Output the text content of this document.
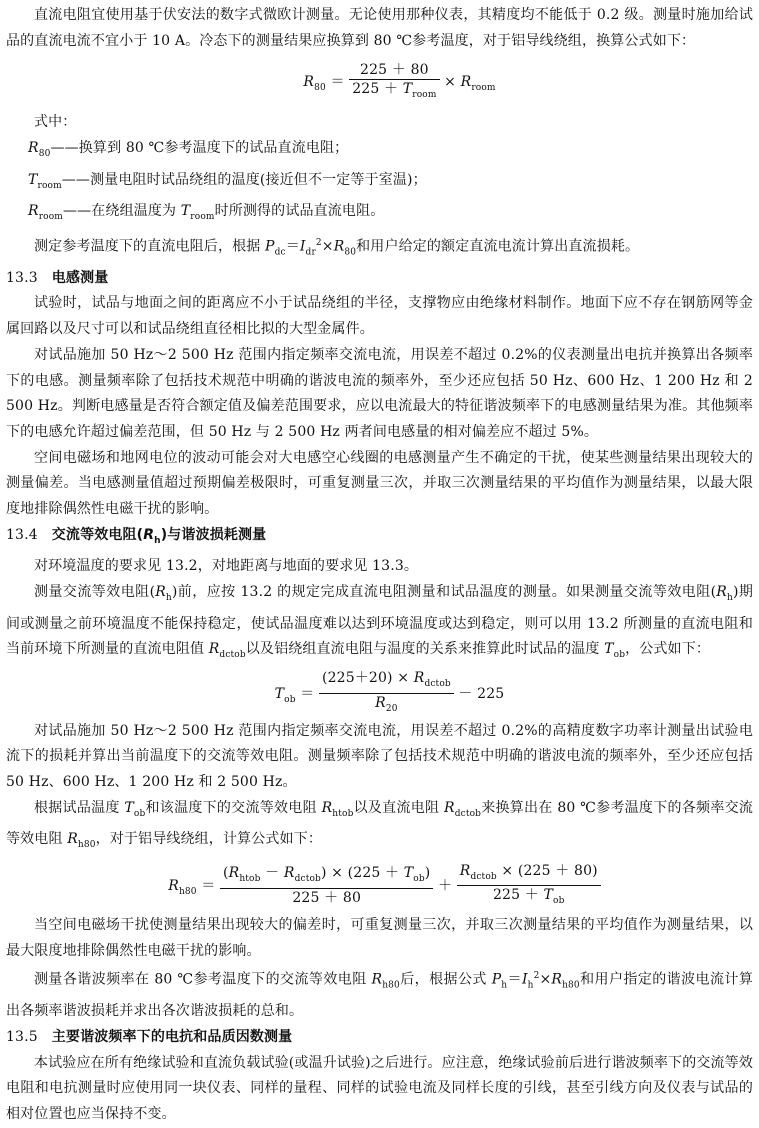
直流电阻宜使用基于伏安法的数字式微欧计测量。无论使用那种仪表，其精度均不能低于 0.2 级。测量时施加给试品的直流电流不宜小于 10 A。冷态下的测量结果应换算到 80 ℃参考温度，对于铝导线绕组，换算公式如下：

$R_{80} = \frac{225 + 80}{225 + T_{room}} \times R_{room}$

式中：

$R_{80}——$换算到 80 ℃参考温度下的试品直流电阻；

$T_{room}——$测量电阻时试品绕组的温度(接近但不一定等于室温)；

$R_{room}——$在绕组温度为 $T_{room}$时所测得的试品直流电阻。

测定参考温度下的直流电阻后，根据 $P_{dc}=I_{dr}^2\times R_{80}$和用户给定的额定直流电流计算出直流损耗。

13.3 电感测量

试验时，试品与地面之间的距离应不小于试品绕组的半径，支撑物应由绝缘材料制作。地面下应不存在钢筋网等金属回路以及尺寸可以和试品绕组直径相比拟的大型金属件。

对试品施加 50 Hz～2 500 Hz 范围内指定频率交流电流，用误差不超过 0.2%的仪表测量出电抗并换算出各频率下的电感。测量频率除了包括技术规范中明确的谐波电流的频率外，至少还应包括 50 Hz、600 Hz、1 200 Hz 和 2 500 Hz。判断电感量是否符合额定值及偏差范围要求，应以电流最大的特征谐波频率下的电感测量结果为准。其他频率下的电感允许超过偏差范围，但 50 Hz 与 2 500 Hz 两者间电感量的相对偏差应不超过 5%。

空间电磁场和地网电位的波动可能会对大电感空心线圈的电感测量产生不确定的干扰，使某些测量结果出现较大的测量偏差。当电感测量值超过预期偏差极限时，可重复测量三次，并取三次测量结果的平均值作为测量结果，以最大限度地排除偶然性电磁干扰的影响。

13.4 交流等效电阻$(R_h)$与谐波损耗测量

对环境温度的要求见 13.2，对地距离与地面的要求见 13.3。

测量交流等效电阻$(R_h)$前，应按 13.2 的规定完成直流电阻测量和试品温度的测量。如果测量交流等效电阻$(R_h)$期间或测量之前环境温度不能保持稳定，使试品温度难以达到环境温度或达到稳定，则可以用 13.2 所测量的直流电阻和当前环境下所测量的直流电阻值 $R_{dctob}$以及铝绕组直流电阻与温度的关系来推算此时试品的温度 $T_{ob}$，公式如下：

$T_{ob} = \frac{(225+20) \times R_{dctob}}{R_{20}} - 225$

对试品施加 50 Hz～2 500 Hz 范围内指定频率交流电流，用误差不超过 0.2%的高精度数字功率计测量出试验电流下的损耗并算出当前温度下的交流等效电阻。测量频率除了包括技术规范中明确的谐波电流的频率外，至少还应包括 50 Hz、600 Hz、1 200 Hz 和 2 500 Hz。

根据试品温度 $T_{ob}$和该温度下的交流等效电阻 $R_{htob}$以及直流电阻 $R_{dctob}$来换算出在 80 ℃参考温度下的各频率交流等效电阻 $R_{h80}$，对于铝导线绕组，计算公式如下：

$R_{h80} = \frac{(R_{htob} - R_{dctob}) \times (225 + T_{ob})}{225 + 80} + \frac{R_{dctob} \times (225 + 80)}{225 + T_{ob}}$

当空间电磁场干扰使测量结果出现较大的偏差时，可重复测量三次，并取三次测量结果的平均值作为测量结果，以最大限度地排除偶然性电磁干扰的影响。

测量各谐波频率在 80 ℃参考温度下的交流等效电阻 $R_{h80}$后，根据公式 $P_h=I_h^2\times R_{h80}$和用户指定的谐波电流计算出各频率谐波损耗并求出各次谐波损耗的总和。

13.5 主要谐波频率下的电抗和品质因数测量

本试验应在所有绝缘试验和直流负载试验(或温升试验)之后进行。应注意，绝缘试验前后进行谐波频率下的交流等效电阻和电抗测量时应使用同一块仪表、同样的量程、同样的试验电流及同样长度的引线，甚至引线方向及仪表与试品的相对位置也应当保持不变。
